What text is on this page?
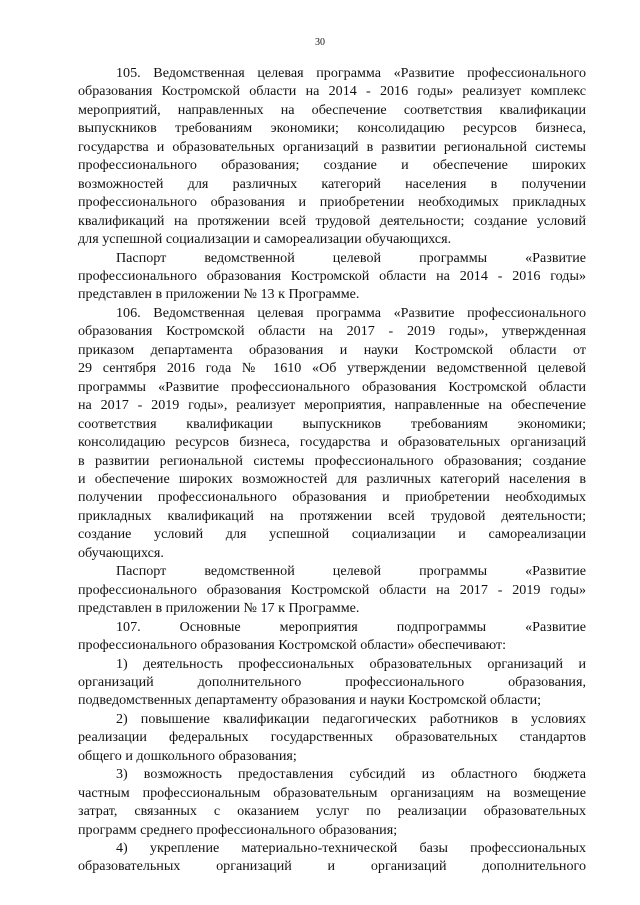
30

105. Ведомственная целевая программа «Развитие профессионального

образования Костромской области на 2014 - 2016 годы» реализует комплекс

мероприятий, направленных на обеспечение соответствия квалификации

выпускников требованиям экономики; консолидацию ресурсов бизнеса,

государства и образовательных организаций в развитии региональной системы

профессионального образования; создание и обеспечение широких

возможностей для различных категорий населения в получении

профессионального образования и приобретении необходимых прикладных

квалификаций на протяжении всей трудовой деятельности; создание условий

для успешной социализации и самореализации обучающихся.

Паспорт ведомственной целевой программы «Развитие

профессионального образования Костромской области на 2014 - 2016 годы»

представлен в приложении № 13 к Программе.

106. Ведомственная целевая программа «Развитие профессионального

образования Костромской области на 2017 - 2019 годы», утвержденная

приказом департамента образования и науки Костромской области от

29 сентября 2016 года № 1610 «Об утверждении ведомственной целевой

программы «Развитие профессионального образования Костромской области

на 2017 - 2019 годы», реализует мероприятия, направленные на обеспечение

соответствия квалификации выпускников требованиям экономики;

консолидацию ресурсов бизнеса, государства и образовательных организаций

в развитии региональной системы профессионального образования; создание

и обеспечение широких возможностей для различных категорий населения в

получении профессионального образования и приобретении необходимых

прикладных квалификаций на протяжении всей трудовой деятельности;

создание условий для успешной социализации и самореализации

обучающихся.

Паспорт ведомственной целевой программы «Развитие

профессионального образования Костромской области на 2017 - 2019 годы»

представлен в приложении № 17 к Программе.

107. Основные мероприятия подпрограммы «Развитие

профессионального образования Костромской области» обеспечивают:

1) деятельность профессиональных образовательных организаций и

организаций дополнительного профессионального образования,

подведомственных департаменту образования и науки Костромской области;

2) повышение квалификации педагогических работников в условиях

реализации федеральных государственных образовательных стандартов

общего и дошкольного образования;

3) возможность предоставления субсидий из областного бюджета

частным профессиональным образовательным организациям на возмещение

затрат, связанных с оказанием услуг по реализации образовательных

программ среднего профессионального образования;

4) укрепление материально-технической базы профессиональных

образовательных организаций и организаций дополнительного
